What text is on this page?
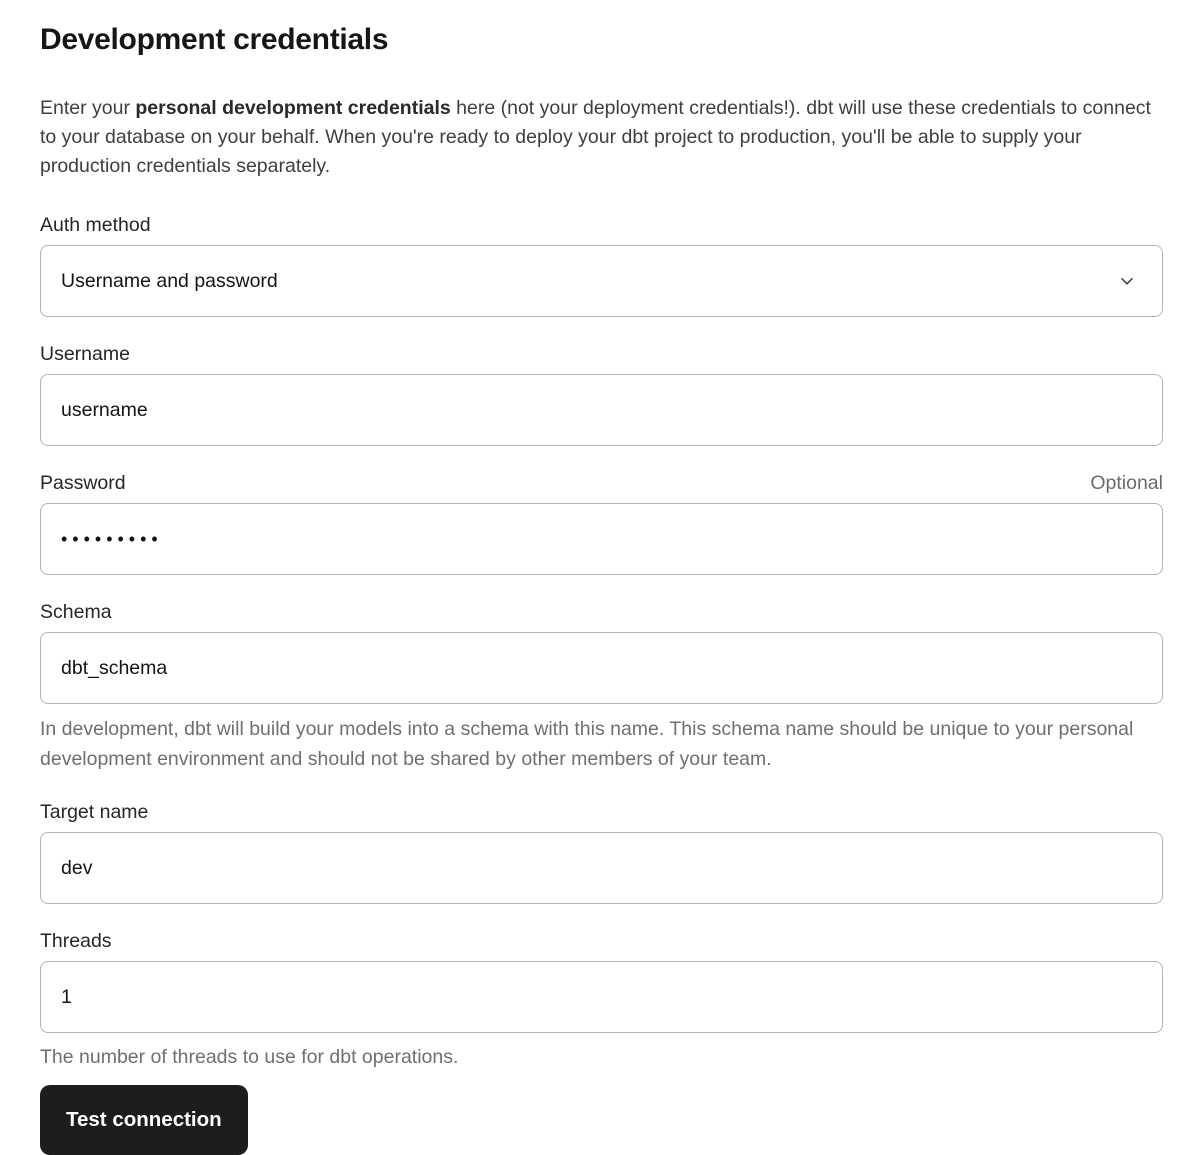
Development credentials

Enter your personal development credentials here (not your deployment credentials!). dbt will use these credentials to connect to your database on your behalf. When you're ready to deploy your dbt project to production, you'll be able to supply your production credentials separately.

Auth method
Username and password
Username
username
Password	Optional
•••••••••
Schema
dbt_schema

In development, dbt will build your models into a schema with this name. This schema name should be unique to your personal development environment and should not be shared by other members of your team.

Target name
dev
Threads
1

The number of threads to use for dbt operations.

Test connection
